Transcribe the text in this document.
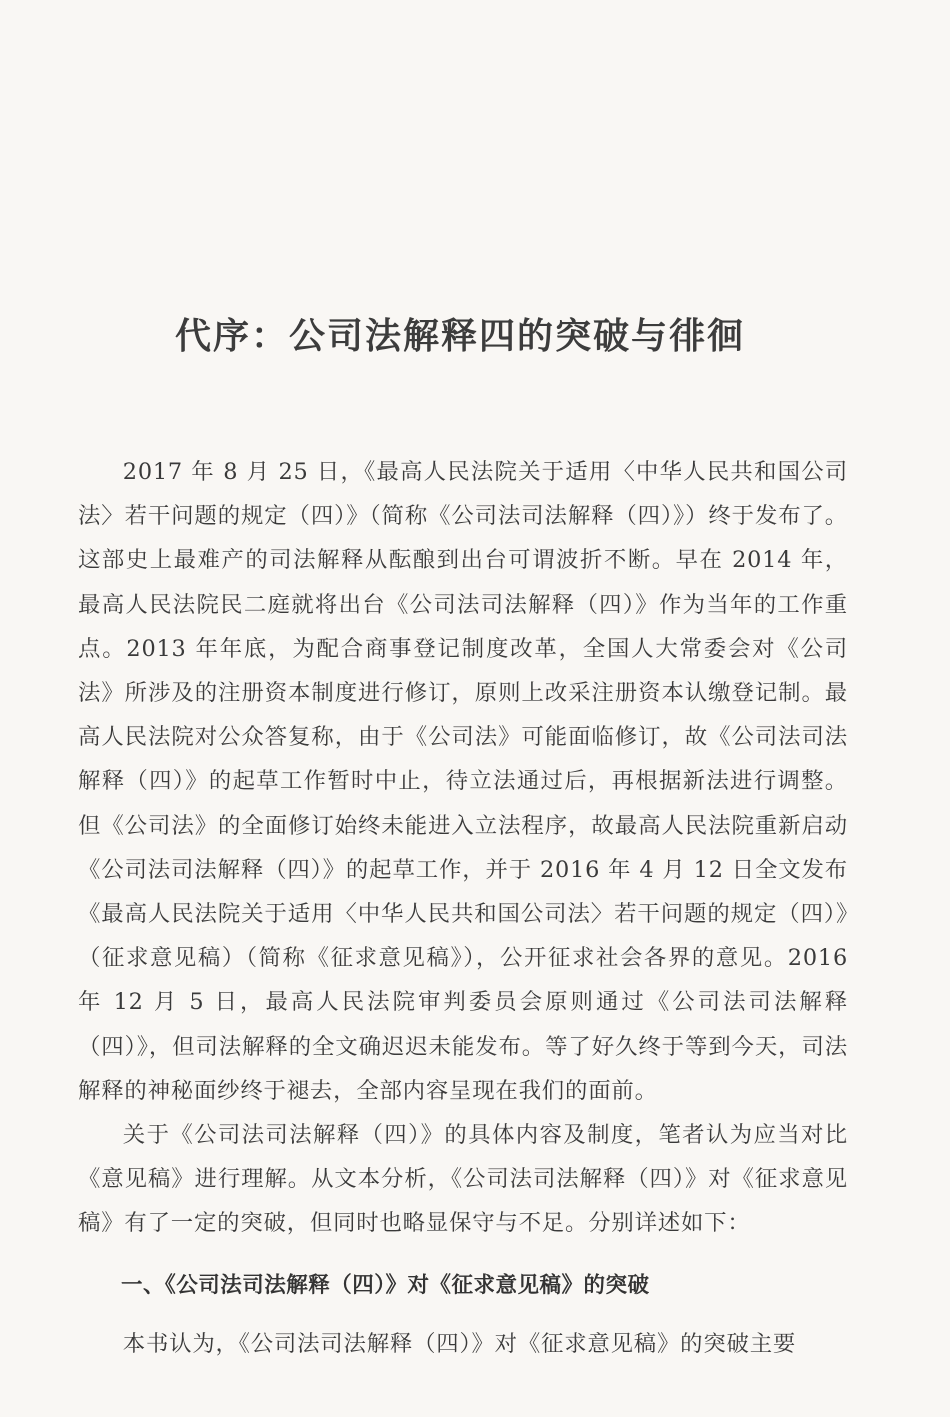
代序：公司法解释四的突破与徘徊

2017 年 8 月 25 日，《最高人民法院关于适用〈中华人民共和国公司法〉若干问题的规定（四）》（简称《公司法司法解释（四）》）终于发布了。这部史上最难产的司法解释从酝酿到出台可谓波折不断。早在 2014 年，最高人民法院民二庭就将出台《公司法司法解释（四）》作为当年的工作重点。2013 年年底，为配合商事登记制度改革，全国人大常委会对《公司法》所涉及的注册资本制度进行修订，原则上改采注册资本认缴登记制。最高人民法院对公众答复称，由于《公司法》可能面临修订，故《公司法司法解释（四）》的起草工作暂时中止，待立法通过后，再根据新法进行调整。但《公司法》的全面修订始终未能进入立法程序，故最高人民法院重新启动《公司法司法解释（四）》的起草工作，并于 2016 年 4 月 12 日全文发布《最高人民法院关于适用〈中华人民共和国公司法〉若干问题的规定（四）》（征求意见稿）（简称《征求意见稿》），公开征求社会各界的意见。2016 年 12 月 5 日，最高人民法院审判委员会原则通过《公司法司法解释（四）》，但司法解释的全文确迟迟未能发布。等了好久终于等到今天，司法解释的神秘面纱终于褪去，全部内容呈现在我们的面前。

关于《公司法司法解释（四）》的具体内容及制度，笔者认为应当对比《意见稿》进行理解。从文本分析，《公司法司法解释（四）》对《征求意见稿》有了一定的突破，但同时也略显保守与不足。分别详述如下：

一、《公司法司法解释（四）》对《征求意见稿》的突破

本书认为，《公司法司法解释（四）》对《征求意见稿》的突破主要
